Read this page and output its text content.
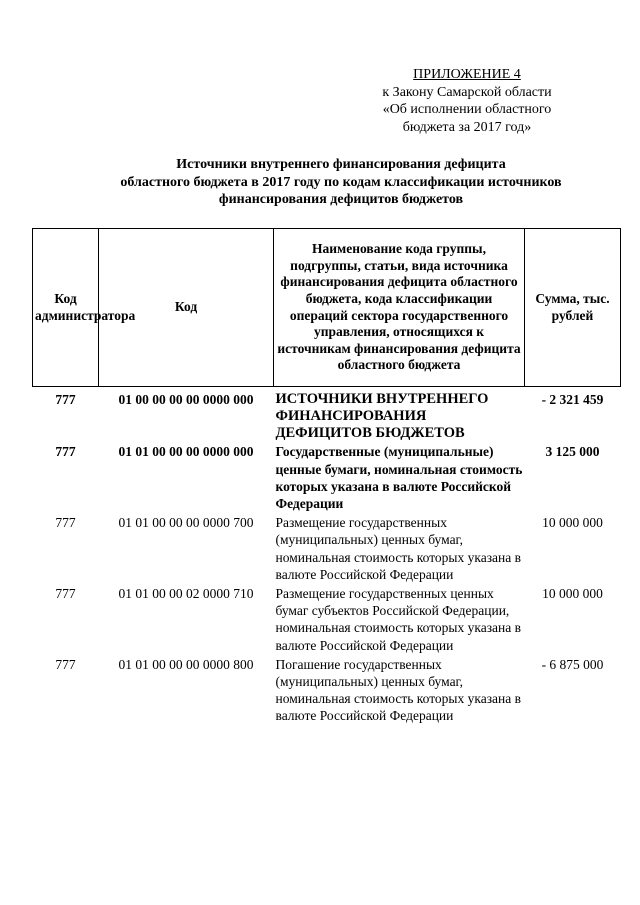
ПРИЛОЖЕНИЕ 4
к Закону Самарской области
«Об исполнении областного
бюджета за 2017 год»
Источники внутреннего финансирования дефицита
областного бюджета в 2017 году по кодам классификации источников
финансирования дефицитов бюджетов
Код администратора	Код	Наименование кода группы, подгруппы, статьи, вида источника финансирования дефицита областного бюджета, кода классификации операций сектора государственного управления, относящихся к источникам финансирования дефицита областного бюджета	Сумма, тыс. рублей
777	01 00 00 00 00 0000 000	ИСТОЧНИКИ ВНУТРЕННЕГО ФИНАНСИРОВАНИЯ ДЕФИЦИТОВ БЮДЖЕТОВ	- 2 321 459
777	01 01 00 00 00 0000 000	Государственные (муниципальные) ценные бумаги, номинальная стоимость которых указана в валюте Российской Федерации	3 125 000
777	01 01 00 00 00 0000 700	Размещение государственных (муниципальных) ценных бумаг, номинальная стоимость которых указана в валюте Российской Федерации	10 000 000
777	01 01 00 00 02 0000 710	Размещение государственных ценных бумаг субъектов Российской Федерации, номинальная стоимость которых указана в валюте Российской Федерации	10 000 000
777	01 01 00 00 00 0000 800	Погашение государственных (муниципальных) ценных бумаг, номинальная стоимость которых указана в валюте Российской Федерации	- 6 875 000
